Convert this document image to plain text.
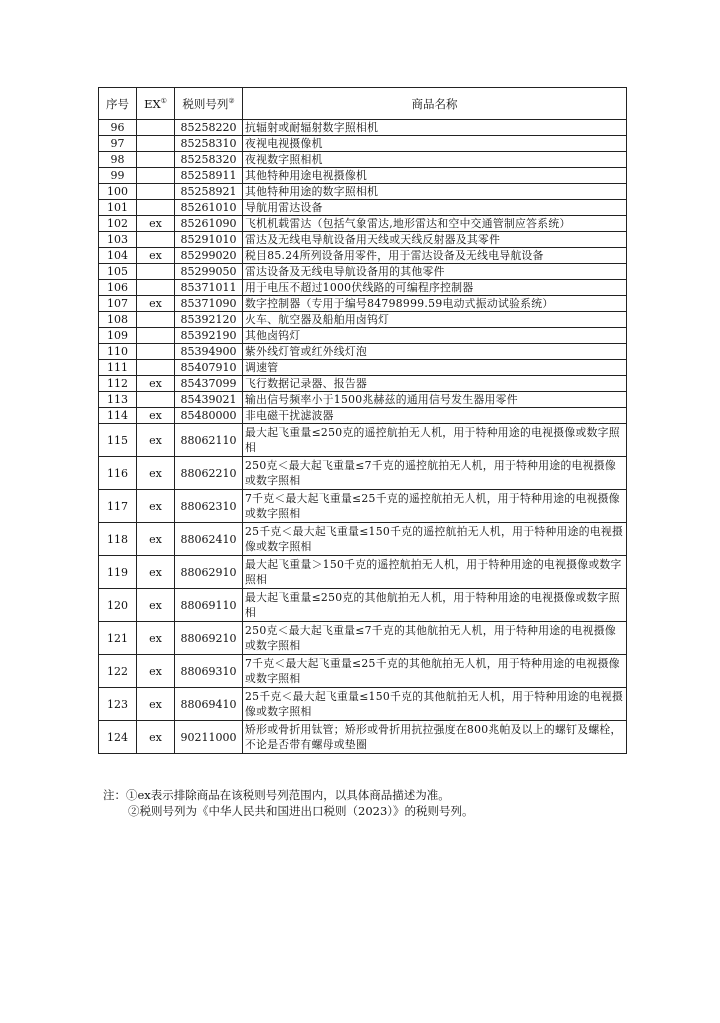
序号	EX①	税则号列②	商品名称
96		85258220	抗辐射或耐辐射数字照相机
97		85258310	夜视电视摄像机
98		85258320	夜视数字照相机
99		85258911	其他特种用途电视摄像机
100		85258921	其他特种用途的数字照相机
101		85261010	导航用雷达设备
102	ex	85261090	飞机机载雷达（包括气象雷达,地形雷达和空中交通管制应答系统）
103		85291010	雷达及无线电导航设备用天线或天线反射器及其零件
104	ex	85299020	税目85.24所列设备用零件，用于雷达设备及无线电导航设备
105		85299050	雷达设备及无线电导航设备用的其他零件
106		85371011	用于电压不超过1000伏线路的可编程序控制器
107	ex	85371090	数字控制器（专用于编号84798999.59电动式振动试验系统）
108		85392120	火车、航空器及船舶用卤钨灯
109		85392190	其他卤钨灯
110		85394900	紫外线灯管或红外线灯泡
111		85407910	调速管
112	ex	85437099	飞行数据记录器、报告器
113		85439021	输出信号频率小于1500兆赫兹的通用信号发生器用零件
114	ex	85480000	非电磁干扰滤波器
115	ex	88062110	最大起飞重量≤250克的遥控航拍无人机，用于特种用途的电视摄像或数字照相
116	ex	88062210	250克＜最大起飞重量≤7千克的遥控航拍无人机，用于特种用途的电视摄像或数字照相
117	ex	88062310	7千克＜最大起飞重量≤25千克的遥控航拍无人机，用于特种用途的电视摄像或数字照相
118	ex	88062410	25千克＜最大起飞重量≤150千克的遥控航拍无人机，用于特种用途的电视摄像或数字照相
119	ex	88062910	最大起飞重量＞150千克的遥控航拍无人机，用于特种用途的电视摄像或数字照相
120	ex	88069110	最大起飞重量≤250克的其他航拍无人机，用于特种用途的电视摄像或数字照相
121	ex	88069210	250克＜最大起飞重量≤7千克的其他航拍无人机，用于特种用途的电视摄像或数字照相
122	ex	88069310	7千克＜最大起飞重量≤25千克的其他航拍无人机，用于特种用途的电视摄像或数字照相
123	ex	88069410	25千克＜最大起飞重量≤150千克的其他航拍无人机，用于特种用途的电视摄像或数字照相
124	ex	90211000	矫形或骨折用钛管；矫形或骨折用抗拉强度在800兆帕及以上的螺钉及螺栓，不论是否带有螺母或垫圈
注：①ex表示排除商品在该税则号列范围内，以具体商品描述为准。
②税则号列为《中华人民共和国进出口税则（2023）》的税则号列。
